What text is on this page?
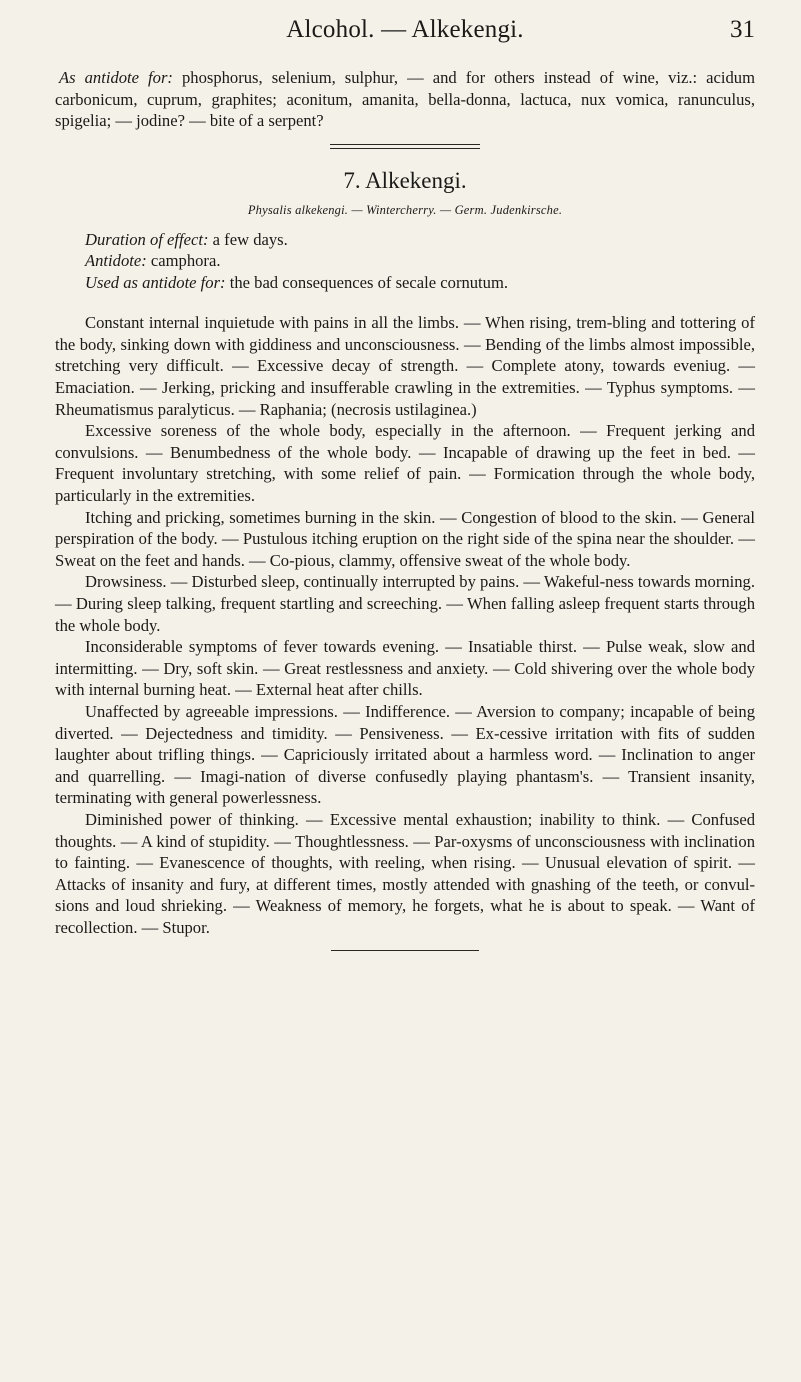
Alcohol. — Alkekengi.	31

As antidote for: phosphorus, selenium, sulphur, — and for others instead of wine, viz.: acidum carbonicum, cuprum, graphites; aconitum, amanita, bella-donna, lactuca, nux vomica, ranunculus, spigelia; — jodine? — bite of a serpent?

7. Alkekengi.
Physalis alkekengi. — Wintercherry. — Germ. Judenkirsche.

Duration of effect: a few days.

Antidote: camphora.

Used as antidote for: the bad consequences of secale cornutum.

Constant internal inquietude with pains in all the limbs. — When rising, trem-bling and tottering of the body, sinking down with giddiness and unconsciousness. — Bending of the limbs almost impossible, stretching very difficult. — Excessive decay of strength. — Complete atony, towards eveniug. — Emaciation. — Jerking, pricking and insufferable crawling in the extremities. — Typhus symptoms. — Rheumatismus paralyticus. — Raphania; (necrosis ustilaginea.)

Excessive soreness of the whole body, especially in the afternoon. — Frequent jerking and convulsions. — Benumbedness of the whole body. — Incapable of drawing up the feet in bed. — Frequent involuntary stretching, with some relief of pain. — Formication through the whole body, particularly in the extremities.

Itching and pricking, sometimes burning in the skin. — Congestion of blood to the skin. — General perspiration of the body. — Pustulous itching eruption on the right side of the spina near the shoulder. — Sweat on the feet and hands. — Co-pious, clammy, offensive sweat of the whole body.

Drowsiness. — Disturbed sleep, continually interrupted by pains. — Wakeful-ness towards morning. — During sleep talking, frequent startling and screeching. — When falling asleep frequent starts through the whole body.

Inconsiderable symptoms of fever towards evening. — Insatiable thirst. — Pulse weak, slow and intermitting. — Dry, soft skin. — Great restlessness and anxiety. — Cold shivering over the whole body with internal burning heat. — External heat after chills.

Unaffected by agreeable impressions. — Indifference. — Aversion to company; incapable of being diverted. — Dejectedness and timidity. — Pensiveness. — Ex-cessive irritation with fits of sudden laughter about trifling things. — Capriciously irritated about a harmless word. — Inclination to anger and quarrelling. — Imagi-nation of diverse confusedly playing phantasm's. — Transient insanity, terminating with general powerlessness.

Diminished power of thinking. — Excessive mental exhaustion; inability to think. — Confused thoughts. — A kind of stupidity. — Thoughtlessness. — Par-oxysms of unconsciousness with inclination to fainting. — Evanescence of thoughts, with reeling, when rising. — Unusual elevation of spirit. — Attacks of insanity and fury, at different times, mostly attended with gnashing of the teeth, or convul-sions and loud shrieking. — Weakness of memory, he forgets, what he is about to speak. — Want of recollection. — Stupor.
